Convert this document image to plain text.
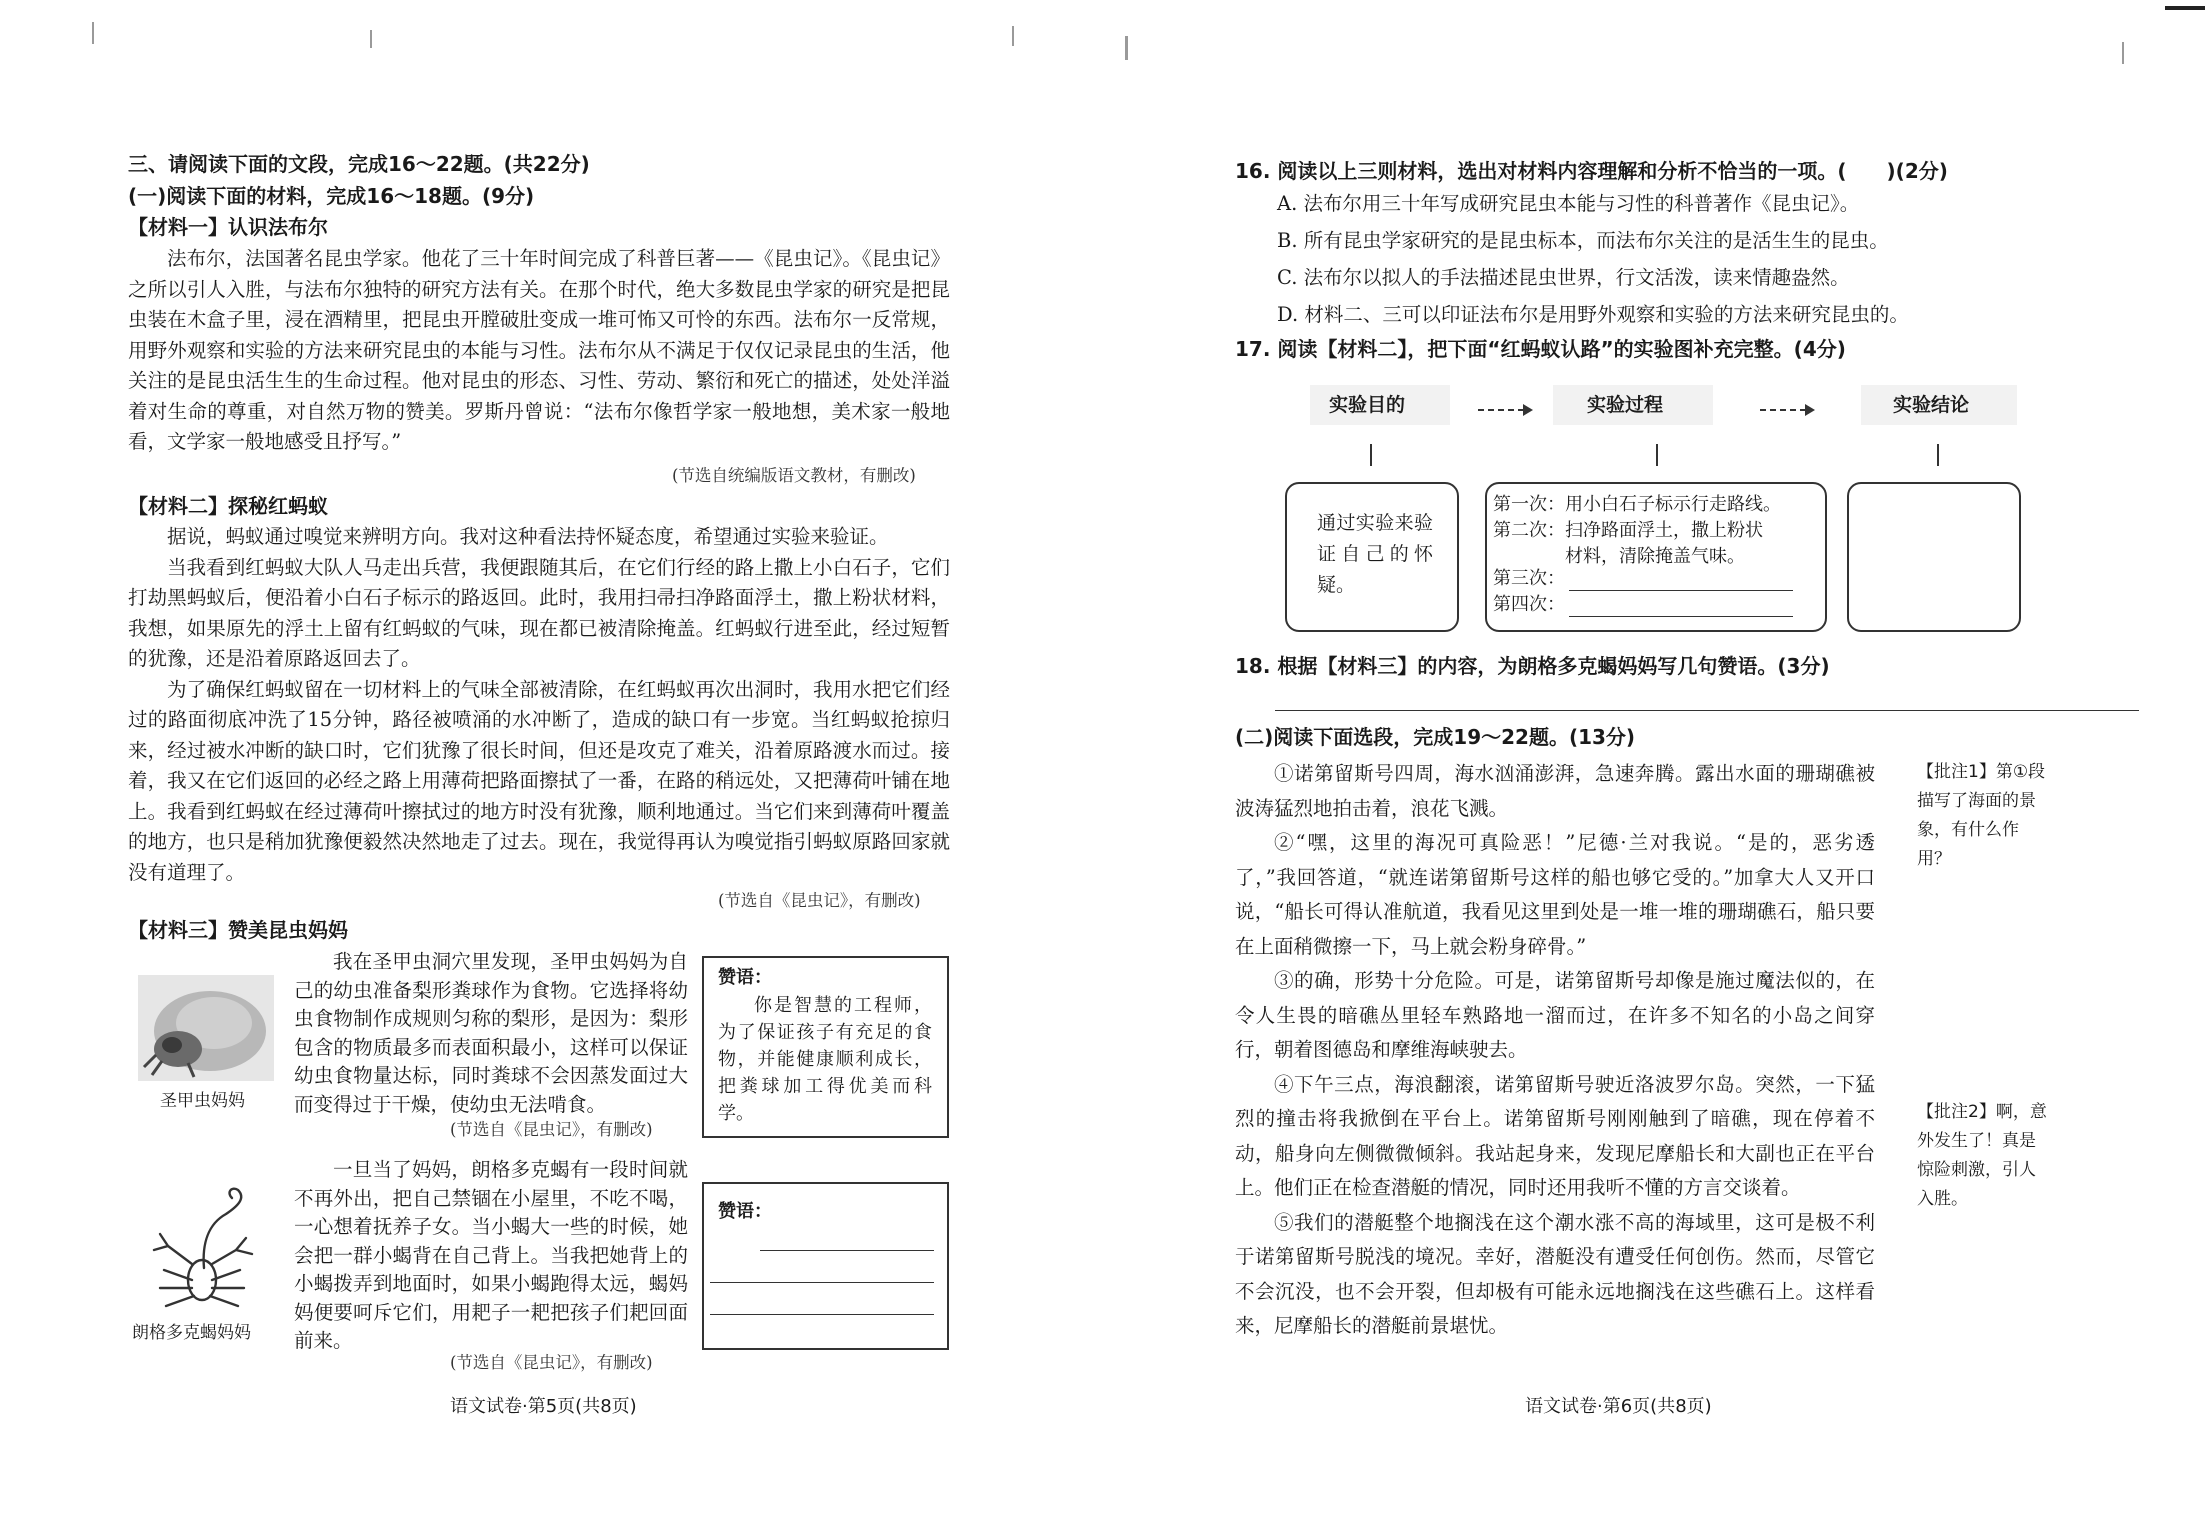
三、请阅读下面的文段，完成16～22题。(共22分)
(一)阅读下面的材料，完成16～18题。(9分)
【材料一】认识法布尔

法布尔，法国著名昆虫学家。他花了三十年时间完成了科普巨著——《昆虫记》。《昆虫记》之所以引人入胜，与法布尔独特的研究方法有关。在那个时代，绝大多数昆虫学家的研究是把昆虫装在木盒子里，浸在酒精里，把昆虫开膛破肚变成一堆可怖又可怜的东西。法布尔一反常规，用野外观察和实验的方法来研究昆虫的本能与习性。法布尔从不满足于仅仅记录昆虫的生活，他关注的是昆虫活生生的生命过程。他对昆虫的形态、习性、劳动、繁衍和死亡的描述，处处洋溢着对生命的尊重，对自然万物的赞美。罗斯丹曾说：“法布尔像哲学家一般地想，美术家一般地看，文学家一般地感受且抒写。”

(节选自统编版语文教材，有删改)
【材料二】探秘红蚂蚁

据说，蚂蚁通过嗅觉来辨明方向。我对这种看法持怀疑态度，希望通过实验来验证。

当我看到红蚂蚁大队人马走出兵营，我便跟随其后，在它们行经的路上撒上小白石子，它们打劫黑蚂蚁后，便沿着小白石子标示的路返回。此时，我用扫帚扫净路面浮土，撒上粉状材料，我想，如果原先的浮土上留有红蚂蚁的气味，现在都已被清除掩盖。红蚂蚁行进至此，经过短暂的犹豫，还是沿着原路返回去了。

为了确保红蚂蚁留在一切材料上的气味全部被清除，在红蚂蚁再次出洞时，我用水把它们经过的路面彻底冲洗了15分钟，路径被喷涌的水冲断了，造成的缺口有一步宽。当红蚂蚁抢掠归来，经过被水冲断的缺口时，它们犹豫了很长时间，但还是攻克了难关，沿着原路渡水而过。接着，我又在它们返回的必经之路上用薄荷把路面擦拭了一番，在路的稍远处，又把薄荷叶铺在地上。我看到红蚂蚁在经过薄荷叶擦拭过的地方时没有犹豫，顺利地通过。当它们来到薄荷叶覆盖的地方，也只是稍加犹豫便毅然决然地走了过去。现在，我觉得再认为嗅觉指引蚂蚁原路回家就没有道理了。

(节选自《昆虫记》，有删改)
【材料三】赞美昆虫妈妈
圣甲虫妈妈

我在圣甲虫洞穴里发现，圣甲虫妈妈为自己的幼虫准备梨形粪球作为食物。它选择将幼虫食物制作成规则匀称的梨形，是因为：梨形包含的物质最多而表面积最小，这样可以保证幼虫食物量达标，同时粪球不会因蒸发面过大而变得过于干燥，使幼虫无法啃食。

(节选自《昆虫记》，有删改)
赞语：

你是智慧的工程师，为了保证孩子有充足的食物，并能健康顺利成长，把粪球加工得优美而科学。

朗格多克蝎妈妈

一旦当了妈妈，朗格多克蝎有一段时间就不再外出，把自己禁锢在小屋里，不吃不喝，一心想着抚养子女。当小蝎大一些的时候，她会把一群小蝎背在自己背上。当我把她背上的小蝎拨弄到地面时，如果小蝎跑得太远，蝎妈妈便要呵斥它们，用耙子一耙把孩子们耙回面前来。

(节选自《昆虫记》，有删改)
赞语：
语文试卷·第5页(共8页)
16. 阅读以上三则材料，选出对材料内容理解和分析不恰当的一项。(　　)(2分)
A. 法布尔用三十年写成研究昆虫本能与习性的科普著作《昆虫记》。
B. 所有昆虫学家研究的是昆虫标本，而法布尔关注的是活生生的昆虫。
C. 法布尔以拟人的手法描述昆虫世界，行文活泼，读来情趣盎然。
D. 材料二、三可以印证法布尔是用野外观察和实验的方法来研究昆虫的。
17. 阅读【材料二】，把下面“红蚂蚁认路”的实验图补充完整。(4分)
实验目的	实验过程	实验结论

通过实验来验证自己的怀疑。

第一次：用小白石子标示行走路线。
第二次：扫净路面浮土，撒上粉状
材料，清除掩盖气味。
第三次：
第四次：
18. 根据【材料三】的内容，为朗格多克蝎妈妈写几句赞语。(3分)
(二)阅读下面选段，完成19～22题。(13分)

①诺第留斯号四周，海水汹涌澎湃，急速奔腾。露出水面的珊瑚礁被波涛猛烈地拍击着，浪花飞溅。

②“嘿，这里的海况可真险恶！”尼德·兰对我说。“是的，恶劣透了，”我回答道，“就连诺第留斯号这样的船也够它受的。”加拿大人又开口说，“船长可得认准航道，我看见这里到处是一堆一堆的珊瑚礁石，船只要在上面稍微擦一下，马上就会粉身碎骨。”

③的确，形势十分危险。可是，诺第留斯号却像是施过魔法似的，在令人生畏的暗礁丛里轻车熟路地一溜而过，在许多不知名的小岛之间穿行，朝着图德岛和摩维海峡驶去。

④下午三点，海浪翻滚，诺第留斯号驶近洛波罗尔岛。突然，一下猛烈的撞击将我掀倒在平台上。诺第留斯号刚刚触到了暗礁，现在停着不动，船身向左侧微微倾斜。我站起身来，发现尼摩船长和大副也正在平台上。他们正在检查潜艇的情况，同时还用我听不懂的方言交谈着。

⑤我们的潜艇整个地搁浅在这个潮水涨不高的海域里，这可是极不利于诺第留斯号脱浅的境况。幸好，潜艇没有遭受任何创伤。然而，尽管它不会沉没，也不会开裂，但却极有可能永远地搁浅在这些礁石上。这样看来，尼摩船长的潜艇前景堪忧。

【批注1】第①段描写了海面的景象，有什么作用？
【批注2】啊，意外发生了！真是惊险刺激，引人入胜。
语文试卷·第6页(共8页)
